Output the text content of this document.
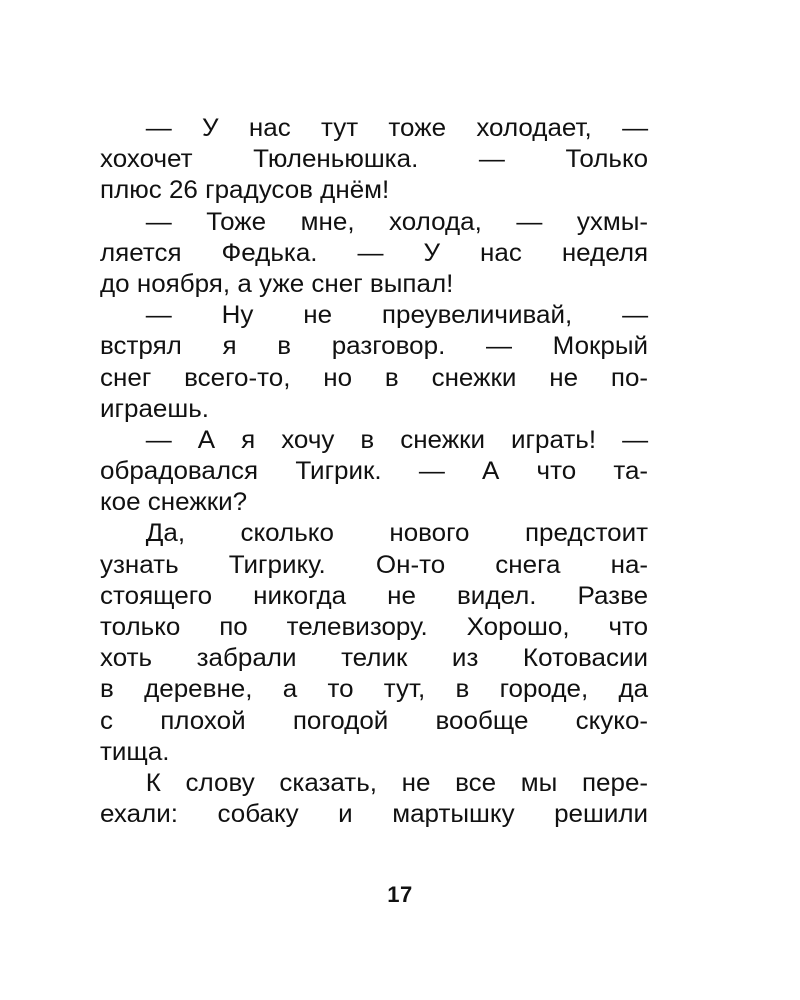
— У нас тут тоже холодает, —
хохочет Тюленьюшка. — Только
плюс 26 градусов днём!
— Тоже мне, холода, — ухмы-
ляется Федька. — У нас неделя
до ноября, а уже снег выпал!
— Ну не преувеличивай, —
встрял я в разговор. — Мокрый
снег всего-то, но в снежки не по-
играешь.
— А я хочу в снежки играть! —
обрадовался Тигрик. — А что та-
кое снежки?
Да, сколько нового предстоит
узнать Тигрику. Он-то снега на-
стоящего никогда не видел. Разве
только по телевизору. Хорошо, что
хоть забрали телик из Котовасии
в деревне, а то тут, в городе, да
с плохой погодой вообще скуко-
тища.
К слову сказать, не все мы пере-
ехали: собаку и мартышку решили
17
